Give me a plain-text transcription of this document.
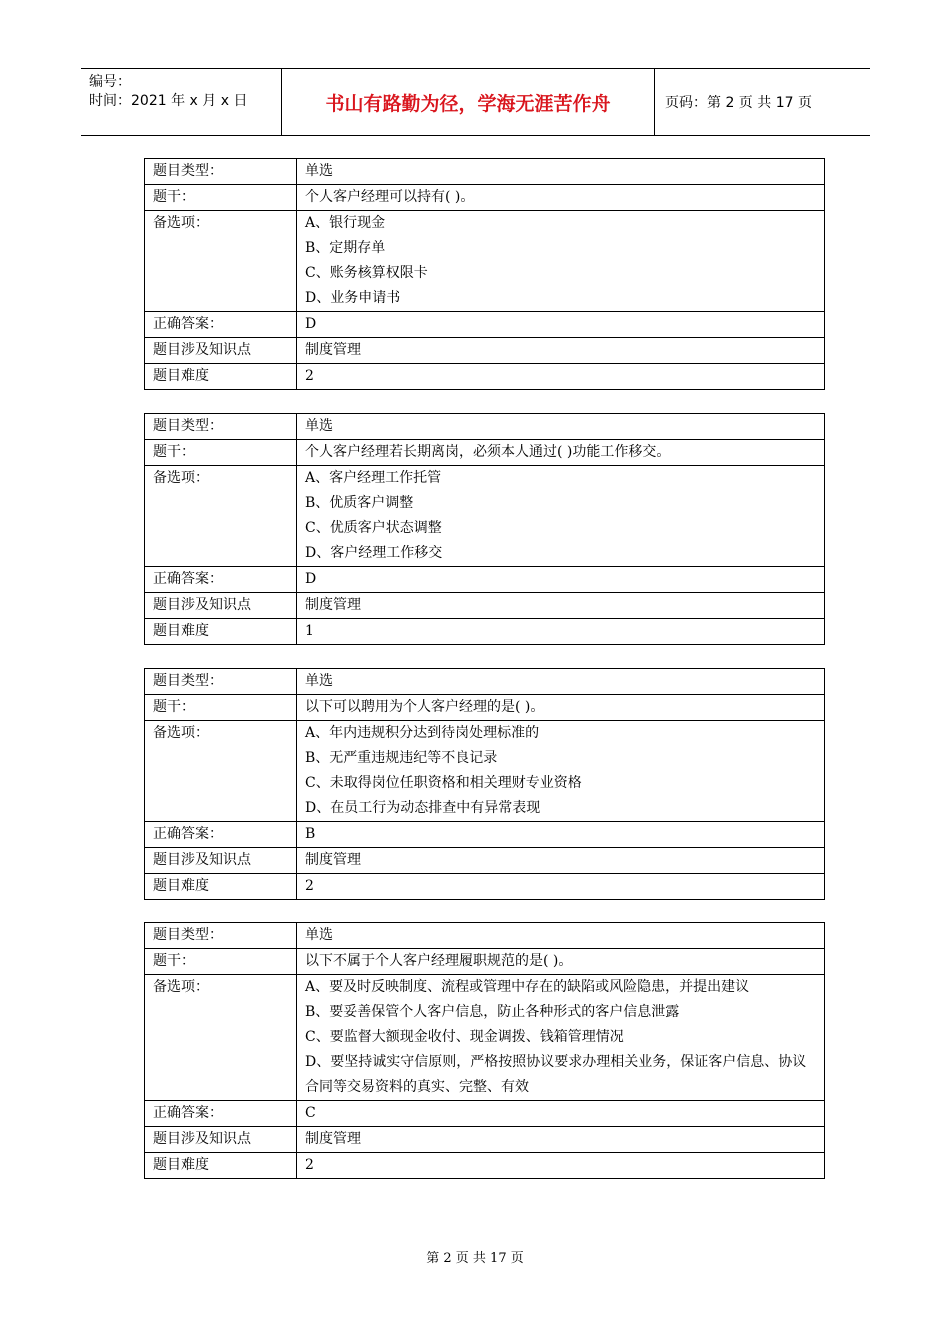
编号：
时间：2021 年 x 月 x 日	书山有路勤为径，学海无涯苦作舟	页码：第 2 页 共 17 页
题目类型：	单选
题干：	个人客户经理可以持有( )。
备选项：	A、银行现金
B、定期存单
C、账务核算权限卡
D、业务申请书

正确答案：	D
题目涉及知识点	制度管理
题目难度	2
题目类型：	单选
题干：	个人客户经理若长期离岗，必须本人通过( )功能工作移交。
备选项：	A、客户经理工作托管
B、优质客户调整
C、优质客户状态调整
D、客户经理工作移交

正确答案：	D
题目涉及知识点	制度管理
题目难度	1
题目类型：	单选
题干：	以下可以聘用为个人客户经理的是( )。
备选项：	A、年内违规积分达到待岗处理标准的
B、无严重违规违纪等不良记录
C、未取得岗位任职资格和相关理财专业资格
D、在员工行为动态排查中有异常表现

正确答案：	B
题目涉及知识点	制度管理
题目难度	2
题目类型：	单选
题干：	以下不属于个人客户经理履职规范的是( )。
备选项：	A、要及时反映制度、流程或管理中存在的缺陷或风险隐患，并提出建议
B、要妥善保管个人客户信息，防止各种形式的客户信息泄露
C、要监督大额现金收付、现金调拨、钱箱管理情况
D、要坚持诚实守信原则，严格按照协议要求办理相关业务，保证客户信息、协议合同等交易资料的真实、完整、有效

正确答案：	C
题目涉及知识点	制度管理
题目难度	2
第 2 页 共 17 页
